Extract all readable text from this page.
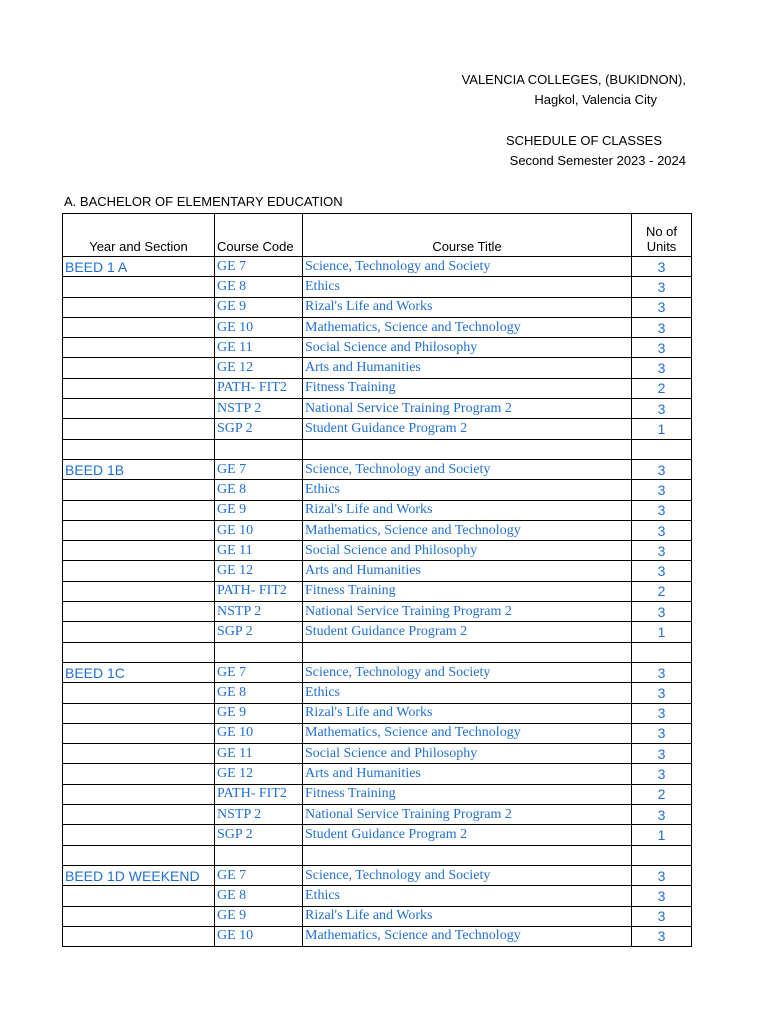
VALENCIA COLLEGES, (BUKIDNON),
Hagkol, Valencia City
SCHEDULE OF CLASSES
Second Semester 2023 - 2024
A. BACHELOR OF ELEMENTARY EDUCATION
Year and Section	Course Code	Course Title	No of
Units

BEED 1 A	GE 7	Science, Technology and Society	3
	GE 8	Ethics	3
	GE 9	Rizal's Life and Works	3
	GE 10	Mathematics, Science and Technology	3
	GE 11	Social Science and Philosophy	3
	GE 12	Arts and Humanities	3
	PATH- FIT2	Fitness Training	2
	NSTP 2	National Service Training Program 2	3
	SGP 2	Student Guidance Program 2	1

BEED 1B	GE 7	Science, Technology and Society	3
	GE 8	Ethics	3
	GE 9	Rizal's Life and Works	3
	GE 10	Mathematics, Science and Technology	3
	GE 11	Social Science and Philosophy	3
	GE 12	Arts and Humanities	3
	PATH- FIT2	Fitness Training	2
	NSTP 2	National Service Training Program 2	3
	SGP 2	Student Guidance Program 2	1

BEED 1C	GE 7	Science, Technology and Society	3
	GE 8	Ethics	3
	GE 9	Rizal's Life and Works	3
	GE 10	Mathematics, Science and Technology	3
	GE 11	Social Science and Philosophy	3
	GE 12	Arts and Humanities	3
	PATH- FIT2	Fitness Training	2
	NSTP 2	National Service Training Program 2	3
	SGP 2	Student Guidance Program 2	1

BEED 1D WEEKEND	GE 7	Science, Technology and Society	3
	GE 8	Ethics	3
	GE 9	Rizal's Life and Works	3
	GE 10	Mathematics, Science and Technology	3
